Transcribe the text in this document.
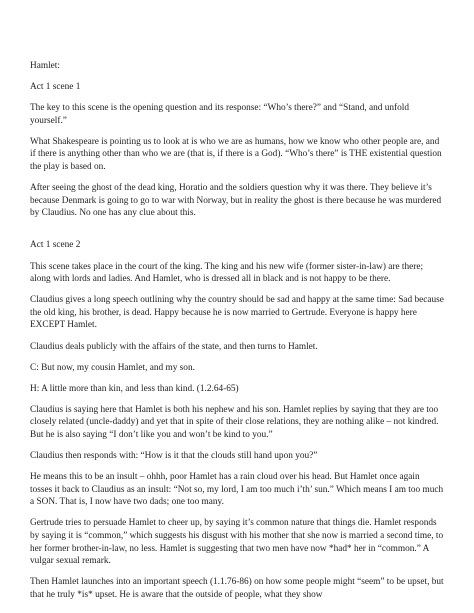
Hamlet:

Act 1 scene 1

The key to this scene is the opening question and its response: “Who’s there?” and “Stand, and unfold yourself.”

What Shakespeare is pointing us to look at is who we are as humans, how we know who other people are, and if there is anything other than who we are (that is, if there is a God). “Who’s there” is THE existential question the play is based on.

After seeing the ghost of the dead king, Horatio and the soldiers question why it was there. They believe it’s because Denmark is going to go to war with Norway, but in reality the ghost is there because he was murdered by Claudius. No one has any clue about this.

Act 1 scene 2

This scene takes place in the court of the king. The king and his new wife (former sister-in-law) are there; along with lords and ladies. And Hamlet, who is dressed all in black and is not happy to be there.

Claudius gives a long speech outlining why the country should be sad and happy at the same time: Sad because the old king, his brother, is dead. Happy because he is now married to Gertrude. Everyone is happy here EXCEPT Hamlet.

Claudius deals publicly with the affairs of the state, and then turns to Hamlet.

C: But now, my cousin Hamlet, and my son.

H: A little more than kin, and less than kind. (1.2.64-65)

Claudius is saying here that Hamlet is both his nephew and his son. Hamlet replies by saying that they are too closely related (uncle-daddy) and yet that in spite of their close relations, they are nothing alike – not kindred. But he is also saying “I don’t like you and won’t be kind to you.”

Claudius then responds with: “How is it that the clouds still hand upon you?”

He means this to be an insult – ohhh, poor Hamlet has a rain cloud over his head. But Hamlet once again tosses it back to Claudius as an insult: “Not so, my lord, I am too much i’th’ sun.” Which means I am too much a SON. That is, I now have two dads; one too many.

Gertrude tries to persuade Hamlet to cheer up, by saying it’s common nature that things die. Hamlet responds by saying it is “common,” which suggests his disgust with his mother that she now is married a second time, to her former brother-in-law, no less. Hamlet is suggesting that two men have now *had* her in “common.” A vulgar sexual remark.

Then Hamlet launches into an important speech (1.1.76-86) on how some people might “seem” to be upset, but that he truly *is* upset. He is aware that the outside of people, what they show
